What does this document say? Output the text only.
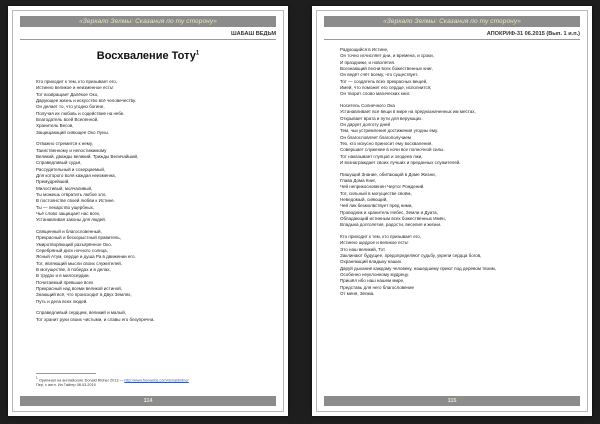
«Зеркало Зелмы: Сказания по ту сторону»
ШАБАШ ВЕДЬМ
Восхваление Тоту$^1$
Кто приходит к тем, кто призывает его,
Истинно великое и неизменное есть!
Тот возвращает Далёкое Око,
Дарующее жизнь и искусство всё человечеству.
Он делает то, что угодно богине,
Получая их любовь и содействие на небе.
Благодатель всей Вселенной,
Хранитель Весов,
Защищающий сияющее Око Луны.
Отважно стремится к нему,
Таинственному и непостижимому
Великий, дважды великий, Трижды Величайший,
Справедливый судья,
Рассудительный и созерцаемый,
Для которого воля каждая неизменна,
Премудрейший,
Милостивый, молчаливый,
Ты можешь отвратить любое зло,
В постоянстве своей любви к Истине.
Ты — лекарство ущербных,
Чьё слово защищает нас всех,
Устанавливая законы для людей.
Священный и благословенный,
Прекрасный и бескорыстный правитель,
Умиротворяющий разъярённое Око.
Серебряный диск ночного солнца,
Ясный Атум, сердце и душа Ра в движении его.
Тот, являющий мысли своих служителей,
В могуществе, в победах и в делах,
В трудах и в милосердии.
Почитаемый превыше всех
Прекрасный над всеми великой истиной,
Знающий всё, что происходит в Двух Землях,
Путь и дела всех людей.
Справедливый сердцем, великий и малый,
Тот хранит руки своих чистыми, и славы его безупречна.
$^1$ Оригинал на английском: Donald Ridner 2013 — http://www.freewebs.com/donaldridner
Пер. с англ. Ин.Тайгер 08.03.2015
114
«Зеркало Зелмы: Сказания по ту сторону»
АПОКРИФ-31 06.2015 (Вып. 1 и.п.)
Радующийся в Истине,
Он точно исчисляет дни, и времена, и сроки,
И праздники, и новолетия.
Всезнающий песни всех божественных книг,
Он ведёт счёт всему, что существует.
Тот — создатель всех прекрасных вещей,
Имей, что поможет его сердце, исполнится;
Он творит слово магических книг.
Носитель Солнечного Ока
Устанавливает все вещи в мире на предназначенных им местах,
Открывает врата и пути для верующих.
Он дарует долготу дней
Тем, чьи устремления достижения угодны ему.
Он благословляет благополучием
Тех, кто искусно приносит ему восхваления,
Совершает служение в ночи все полночной силы.
Тот наказывает глупцов и злодеев лжи,
И вознаграждает своих лучших и преданных служителей.
Пишущий Знание, обитающий в Доме Жизни,
Глава Дома Книг,
Чей неприкосновенен Чертог Рождений.
Тот, сильный в могуществе своём,
Неведомый, сияющий,
Чей лик безмолвствует пред ними,
Проводник и хранитель Небес, Земли и Дуата,
Обладающий истинным всех божественных Имён,
Владыка долголетия, радости, веселия и жизни.
Кто приходит к тем, кто призывает его,
Истинно щедрое и великое есть!
Это наш великий, Тот.
Заклинают будущее, предопределяют судьбу, укрепи сердца богов,
Охраняющий владыку наших.
Даруй дыхание каждому человеку, нашедшему приют под деревом твоим,
Особенно неуклонному мудрецу.
Пришёл ибо наш нашем мире,
Представь для него благословение
От меня, Зелма.
115
